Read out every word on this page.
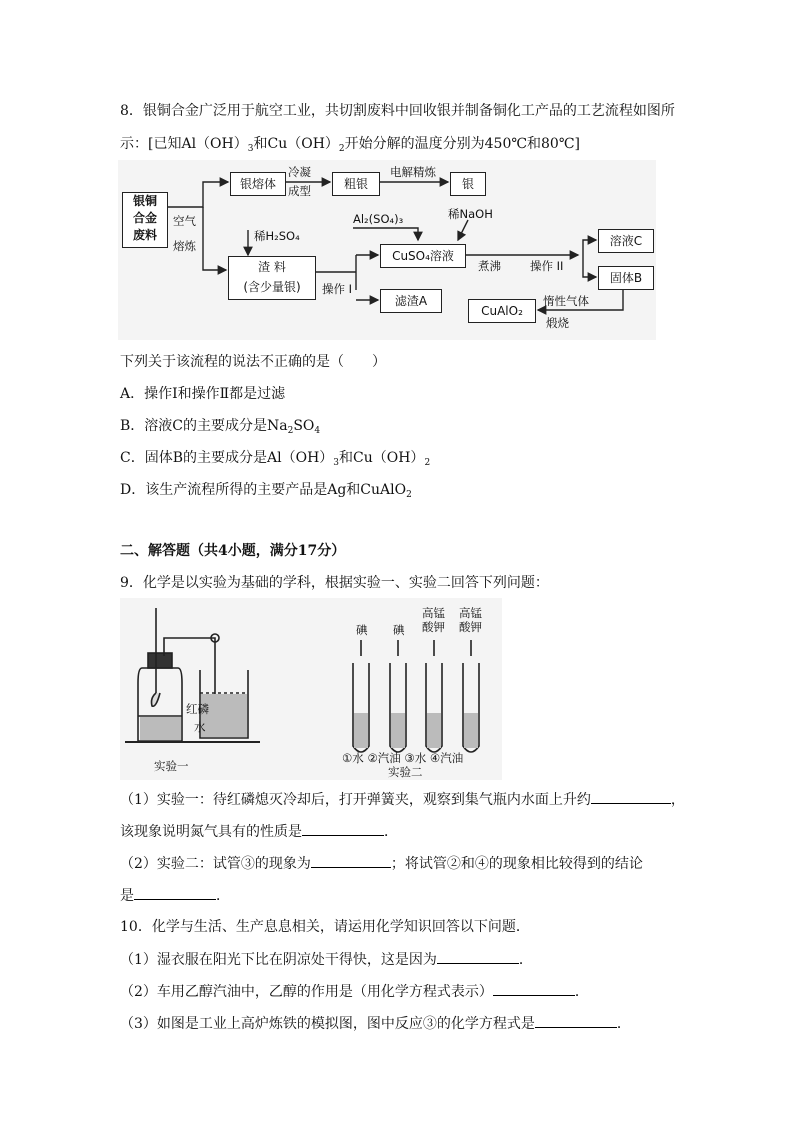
8．银铜合金广泛用于航空工业，共切割废料中回收银并制备铜化工产品的工艺流程如图所
示：[已知$Al(OH)_3$和$Cu(OH)_2$开始分解的温度分别为450℃和80℃]
银铜
合金
废料
空气
熔炼
银熔体
冷凝
成型	粗银
电解精炼
银
稀H₂SO₄
渣 料
(含少量银)	操作 I
Al₂(SO₄)₃	稀NaOH
CuSO₄溶液
煮沸	操作 II
滤渣A
溶液C
固体B
惰性气体
煅烧
CuAlO₂
下列关于该流程的说法不正确的是（　　）
A．操作Ⅰ和操作Ⅱ都是过滤
B．溶液C的主要成分是$Na_2SO_4$
C．固体B的主要成分是$Al(OH)_3$和$Cu(OH)_2$
D．该生产流程所得的主要产品是Ag和CuAlO$_2$
二、解答题（共4小题，满分17分）
9．化学是以实验为基础的学科，根据实验一、实验二回答下列问题：
红磷
水
实验一
碘 碘
高锰
酸钾
高锰
酸钾
①水 ②汽油 ③水 ④汽油
实验二
（1）实验一：待红磷熄灭冷却后，打开弹簧夹，观察到集气瓶内水面上升约	，
该现象说明氮气具有的性质是	．
（2）实验二：试管③的现象为	；将试管②和④的现象相比较得到的结论
是	．
10．化学与生活、生产息息相关，请运用化学知识回答以下问题．
（1）湿衣服在阳光下比在阴凉处干得快，这是因为	．
（2）车用乙醇汽油中，乙醇的作用是（用化学方程式表示）	．
（3）如图是工业上高炉炼铁的模拟图，图中反应③的化学方程式是	．
